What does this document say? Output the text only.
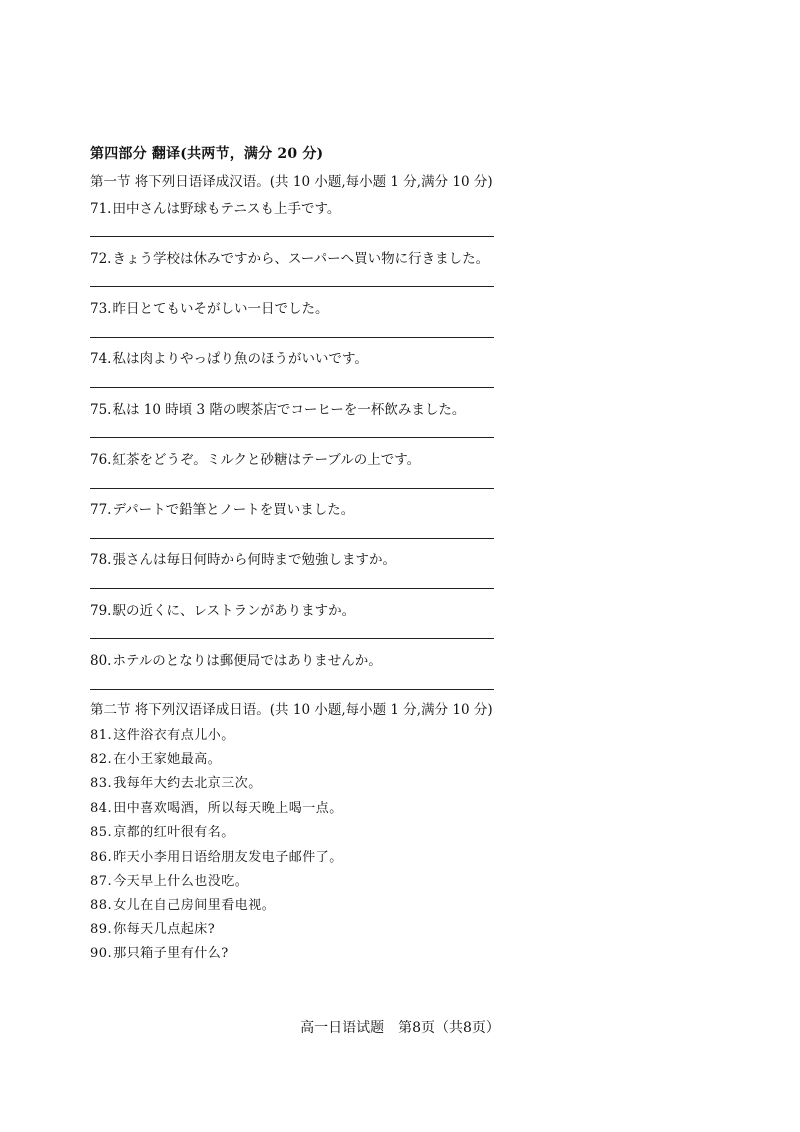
第四部分 翻译(共两节，满分 20 分)
第一节 将下列日语译成汉语。(共 10 小题,每小题 1 分,满分 10 分)
71.田中さんは野球もテニスも上手です。
72.きょう学校は休みですから、スーパーへ買い物に行きました。
73.昨日とてもいそがしい一日でした。
74.私は肉よりやっぱり魚のほうがいいです。
75.私は 10 時頃 3 階の喫茶店でコーヒーを一杯飲みました。
76.紅茶をどうぞ。ミルクと砂糖はテーブルの上です。
77.デパートで鉛筆とノートを買いました。
78.張さんは毎日何時から何時まで勉強しますか。
79.駅の近くに、レストランがありますか。
80.ホテルのとなりは郵便局ではありませんか。
第二节 将下列汉语译成日语。(共 10 小题,每小题 1 分,满分 10 分)
81.这件浴衣有点儿小。
82.在小王家她最高。
83.我每年大约去北京三次。
84.田中喜欢喝酒，所以每天晚上喝一点。
85.京都的红叶很有名。
86.昨天小李用日语给朋友发电子邮件了。
87.今天早上什么也没吃。
88.女儿在自己房间里看电视。
89.你每天几点起床?
90.那只箱子里有什么?
高一日语试题　第8页（共8页）
